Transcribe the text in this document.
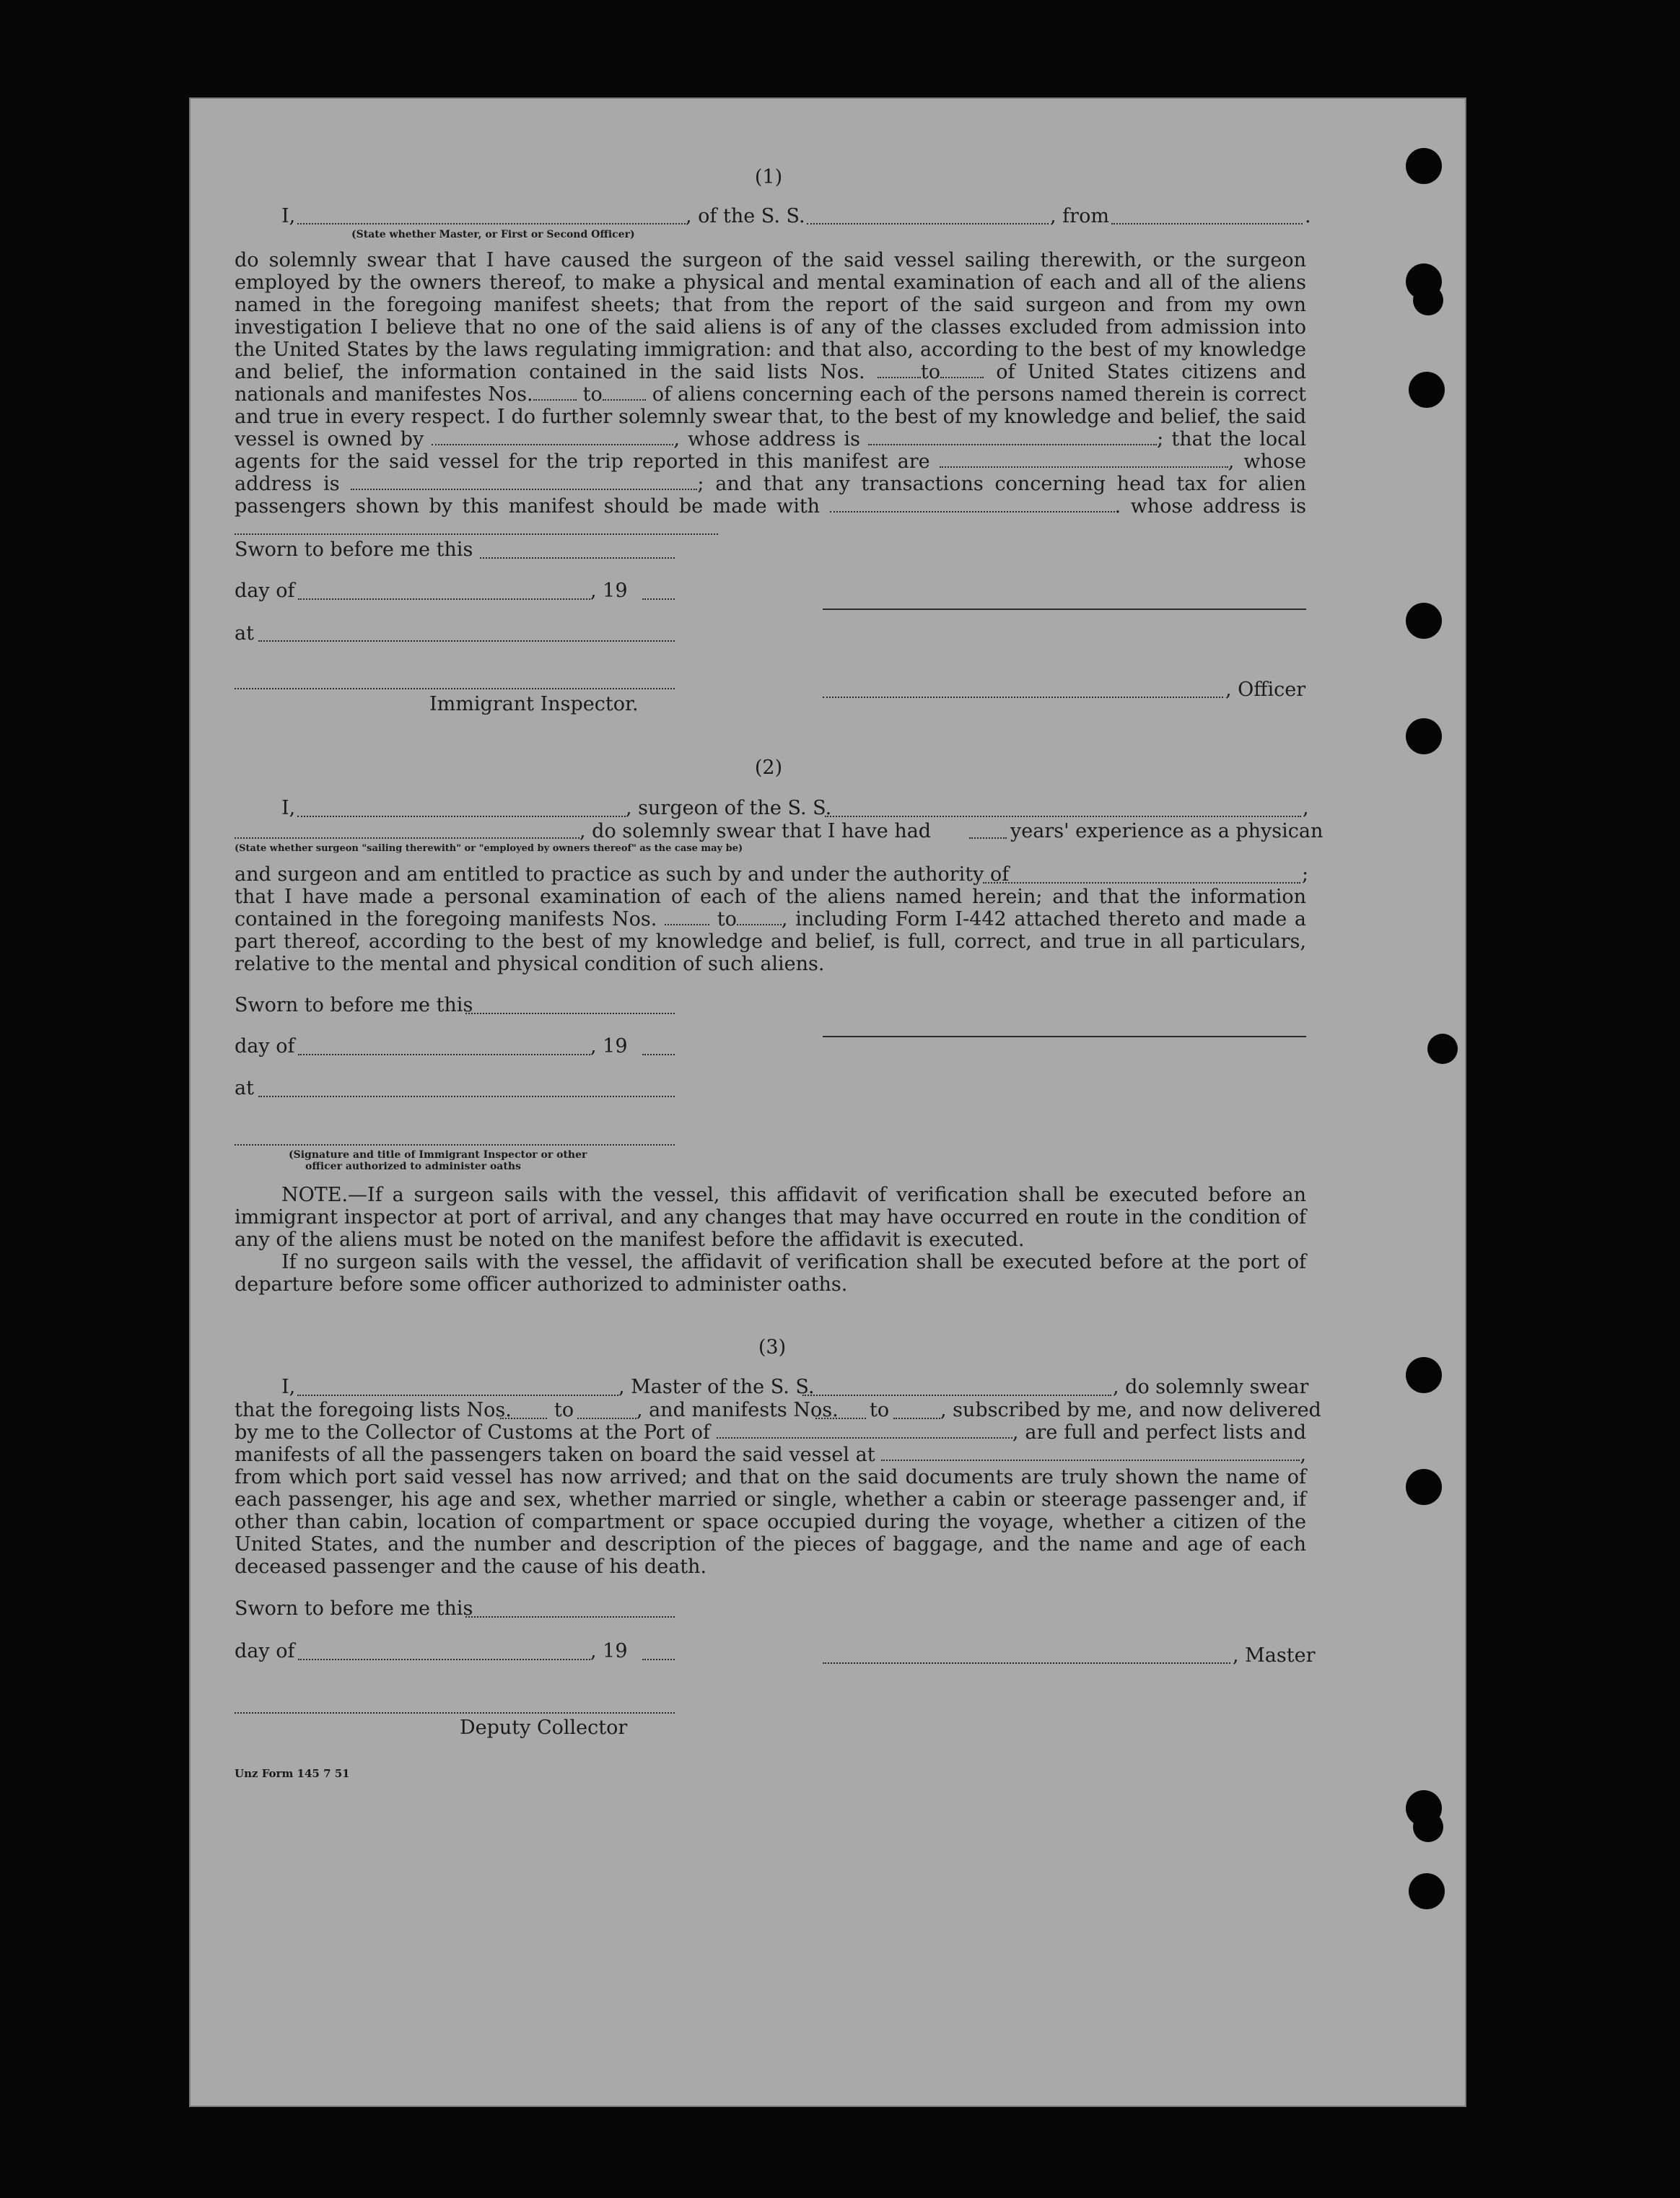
(1)
I,	, of the S. S.	, from	.
(State whether Master, or First or Second Officer)
do solemnly swear that I have caused the surgeon of the said vessel sailing therewith, or the surgeon employed by the owners thereof, to make a physical and mental examination of each and all of the aliens named in the foregoing manifest sheets; that from the report of the said surgeon and from my own investigation I believe that no one of the said aliens is of any of the classes excluded from admission into the United States by the laws regulating immigration: and that also, according to the best of my knowledge and belief, the information contained in the said lists Nos.	to	of United States citizens and nationals and manifestes Nos.	to	of aliens concerning each of the persons named therein is correct and true in every respect. I do further solemnly swear that, to the best of my knowledge and belief, the said vessel is owned by	, whose address is	; that the local agents for the said vessel for the trip reported in this manifest are	, whose address is	; and that any transactions concerning head tax for alien passengers shown by this manifest should be made with	. whose address is
Sworn to before me this
day of	, 19
at
, Officer
Immigrant Inspector.
(2)
I,	, surgeon of the S. S.	,
, do solemnly swear that I have had	years' experience as a physican
(State whether surgeon "sailing therewith" or "employed by owners thereof" as the case may be)
and surgeon and am entitled to practice as such by and under the authority of	;
that I have made a personal examination of each of the aliens named herein; and that the information contained in the foregoing manifests Nos.	to , including Form I-442 attached thereto and made a part thereof, according to the best of my knowledge and belief, is full, correct, and true in all particulars, relative to the mental and physical condition of such aliens.
Sworn to before me this
day of	, 19
at
(Signature and title of Immigrant Inspector or other
officer authorized to administer oaths
NOTE.—If a surgeon sails with the vessel, this affidavit of verification shall be executed before an immigrant inspector at port of arrival, and any changes that may have occurred en route in the condition of any of the aliens must be noted on the manifest before the affidavit is executed.
If no surgeon sails with the vessel, the affidavit of verification shall be executed before at the port of departure before some officer authorized to administer oaths.
(3)
I,	, Master of the S. S.	, do solemnly swear
that the foregoing lists Nos. to	, and manifests Nos. to	, subscribed by me, and now delivered
by me to the Collector of Customs at the Port of	, are full and perfect lists and manifests of all the passengers taken on board the said vessel at	, from which port said vessel has now arrived; and that on the said documents are truly shown the name of each passenger, his age and sex, whether married or single, whether a cabin or steerage passenger and, if other than cabin, location of compartment or space occupied during the voyage, whether a citizen of the United States, and the number and description of the pieces of baggage, and the name and age of each deceased passenger and the cause of his death.
Sworn to before me this
day of	, 19	, Master
Deputy Collector
Unz Form 145 7 51
